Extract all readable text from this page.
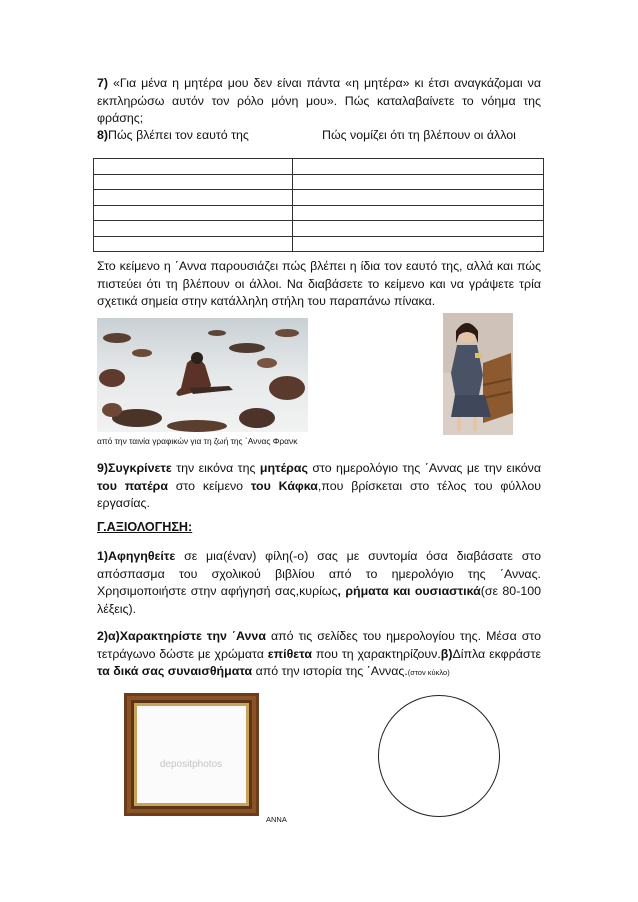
7) «Για μένα η μητέρα μου δεν είναι πάντα «η μητέρα» κι έτσι αναγκάζομαι να εκπληρώσω αυτόν τον ρόλο μόνη μου». Πώς καταλαβαίνετε το νόημα της φράσης;
8)Πώς βλέπει τον εαυτό της	Πώς νομίζει ότι τη βλέπουν οι άλλοι

Στο κείμενο η ΄Αννα παρουσιάζει πώς βλέπει η ίδια τον εαυτό της, αλλά και πώς πιστεύει ότι τη βλέπουν οι άλλοι. Να διαβάσετε το κείμενο και να γράψετε τρία σχετικά σημεία στην κατάλληλη στήλη του παραπάνω πίνακα.
από την ταινία γραφικών για τη ζωή της ΄Αννας Φρανκ
9)Συγκρίνετε την εικόνα της μητέρας στο ημερολόγιο της ΄Αννας με την εικόνα του πατέρα στο κείμενο του Κάφκα,που βρίσκεται στο τέλος του φύλλου εργασίας.
Γ.ΑΞΙΟΛΟΓΗΣΗ:
1)Αφηγηθείτε σε μια(έναν) φίλη(-ο) σας με συντομία όσα διαβάσατε στο απόσπασμα του σχολικού βιβλίου από το ημερολόγιο της ΄Αννας. Χρησιμοποιήστε στην αφήγησή σας,κυρίως, ρήματα και ουσιαστικά(σε 80-100 λέξεις).
2)α)Χαρακτηρίστε την ΄Αννα από τις σελίδες του ημερολογίου της. Μέσα στο τετράγωνο δώστε με χρώματα επίθετα που τη χαρακτηρίζουν.β)Δίπλα εκφράστε τα δικά σας συναισθήματα από την ιστορία της ΄Αννας.(στον κύκλο)
depositphotos
ΑΝΝΑ
